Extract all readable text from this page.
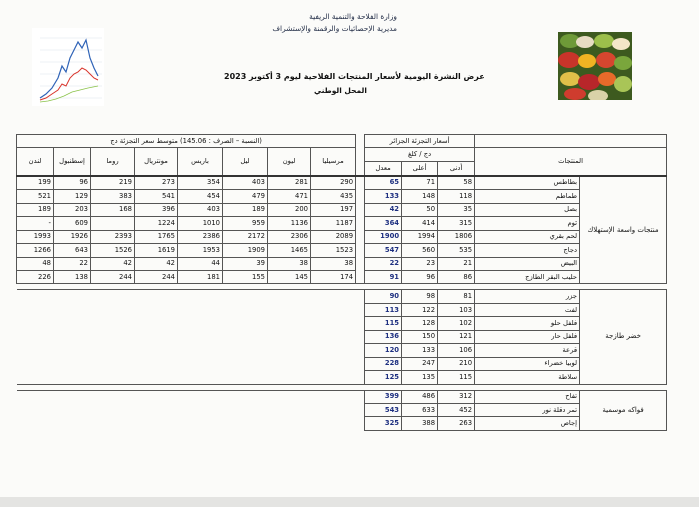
وزارة الفلاحة والتنمية الريفية
مديرية الإحصائيات والرقمنة والإستشراف
عرض النشرة اليومية لأسعار المنتجات الفلاحية ليوم 3 أكتوبر 2023
المحل الوطني
(النسبة – الصرف : 145.06) متوسط سعر التجزئة دج									أسعار التجزئة الجزائر				
لندن	إسطنبول	روما	مونتريال	باريس	ليل	ليون	مرسيليا		دج / كلغ			المنتجات	
									معدل	أعلى	أدنى		
199	96	219	273	354	403	281	290		65	71	58	بطاطس	منتجات واسعة الإستهلاك
521	129	383	541	454	479	471	435		133	148	118	طماطم	
189	203	168	396	403	189	200	197		42	50	35	بصل	
-	609		1224	1010	959	1136	1187		364	414	315	ثوم	
1993	1926	2393	1765	2386	2172	2306	2089		1900	1994	1806	لحم بقري	
1266	643	1526	1619	1953	1909	1465	1523		547	560	535	دجاج	
48	22	42	42	44	39	38	38		22	23	21	البيض	
226	138	244	244	181	155	145	174		91	96	86	حليب البقر الطازج	

									90	98	81	جزر	خضر طازجة
									113	122	103	لفت	
									115	128	102	فلفل حلو	
									136	150	121	فلفل حار	
									120	133	106	قرعة	
									228	247	210	لوبيا خضراء	
									125	135	115	سلاطة	

									399	486	312	تفاح	فواكه موسمية
									543	633	452	تمر دقلة نور	
									325	388	263	إجاص	
